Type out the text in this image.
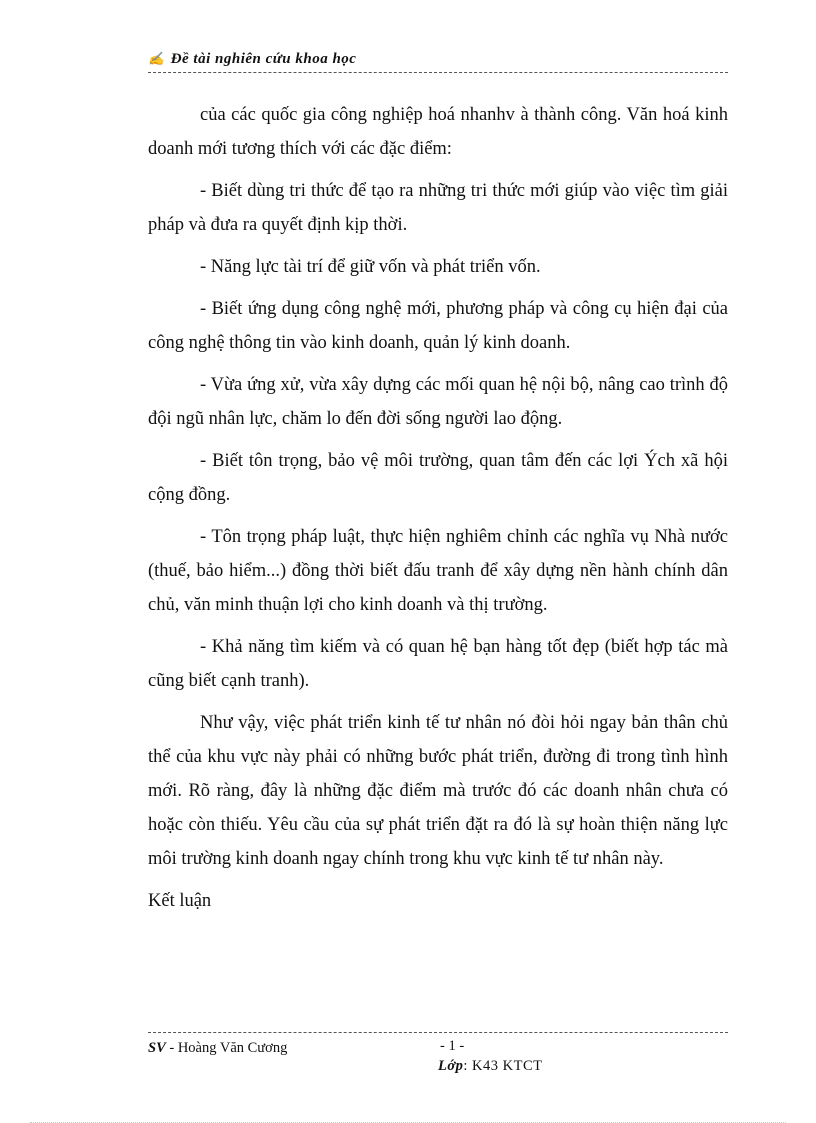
✍ Đề tài nghiên cứu khoa học

của các quốc gia công nghiệp hoá nhanhv à thành công. Văn hoá kinh doanh mới tương thích với các đặc điểm:

- Biết dùng tri thức để tạo ra những tri thức mới giúp vào việc tìm giải pháp và đưa ra quyết định kịp thời.

- Năng lực tài trí để giữ vốn và phát triển vốn.

- Biết ứng dụng công nghệ mới, phương pháp và công cụ hiện đại của công nghệ thông tin vào kinh doanh, quản lý kinh doanh.

- Vừa ứng xử, vừa xây dựng các mối quan hệ nội bộ, nâng cao trình độ đội ngũ nhân lực, chăm lo đến đời sống người lao động.

- Biết tôn trọng, bảo vệ môi trường, quan tâm đến các lợi Ých xã hội cộng đồng.

- Tôn trọng pháp luật, thực hiện nghiêm chỉnh các nghĩa vụ Nhà nước (thuế, bảo hiểm...) đồng thời biết đấu tranh để xây dựng nền hành chính dân chủ, văn minh thuận lợi cho kinh doanh và thị trường.

- Khả năng tìm kiếm và có quan hệ bạn hàng tốt đẹp (biết hợp tác mà cũng biết cạnh tranh).

Như vậy, việc phát triển kinh tế tư nhân nó đòi hỏi ngay bản thân chủ thể của khu vực này phải có những bước phát triển, đường đi trong tình hình mới. Rõ ràng, đây là những đặc điểm mà trước đó các doanh nhân chưa có hoặc còn thiếu. Yêu cầu của sự phát triển đặt ra đó là sự hoàn thiện năng lực môi trường kinh doanh ngay chính trong khu vực kinh tế tư nhân này.

Kết luận

SV - Hoàng Văn Cương	- 1 -
Lớp: K43 KTCT
